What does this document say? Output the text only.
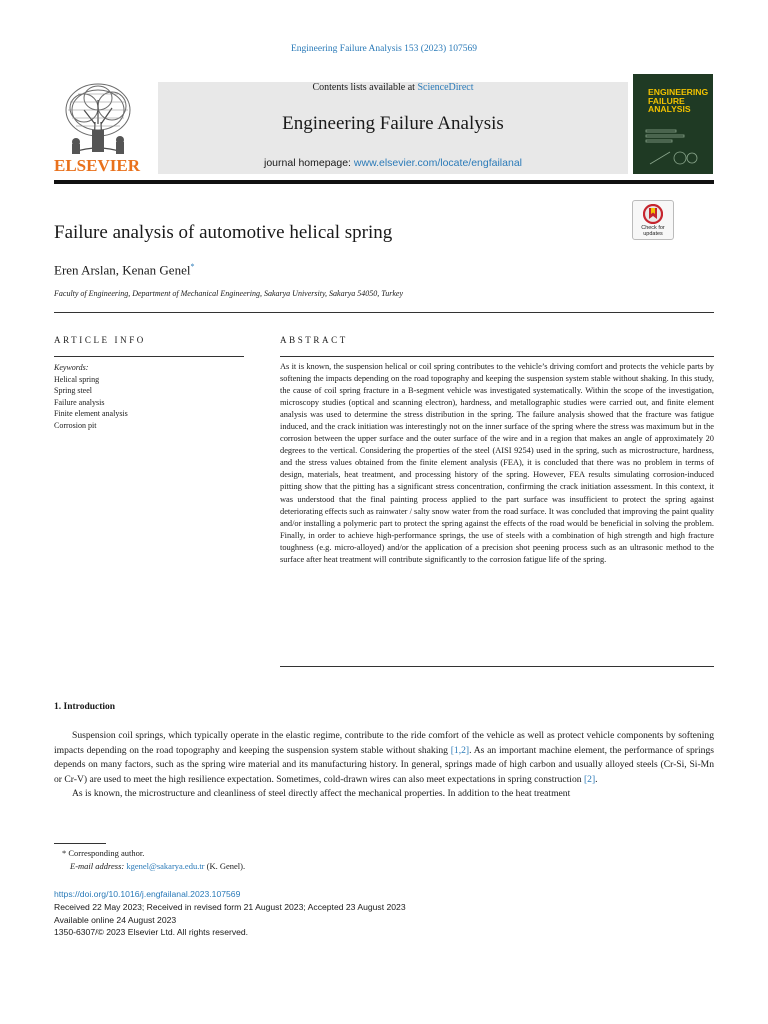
Engineering Failure Analysis 153 (2023) 107569
Contents lists available at ScienceDirect
Engineering Failure Analysis
journal homepage: www.elsevier.com/locate/engfailanal
ELSEVIER
ENGINEERING FAILURE ANALYSIS
Check for updates
Failure analysis of automotive helical spring
Eren Arslan, Kenan Genel*
Faculty of Engineering, Department of Mechanical Engineering, Sakarya University, Sakarya 54050, Turkey
ARTICLE INFO
Keywords:
Helical spring
Spring steel
Failure analysis
Finite element analysis
Corrosion pit
ABSTRACT
As it is known, the suspension helical or coil spring contributes to the vehicle’s driving comfort and protects the vehicle parts by softening the impacts depending on the road topography and keeping the suspension system stable without shaking. In this study, the cause of coil spring fracture in a B-segment vehicle was investigated systematically. Within the scope of the investigation, microscopy studies (optical and scanning electron), hardness, and metallographic studies were carried out, and finite element analysis was used to determine the stress distribution in the spring. The failure analysis showed that the fracture was fatigue induced, and the crack initiation was interestingly not on the inner surface of the spring where the stress was maximum but in the corrosion between the upper surface and the outer surface of the wire and in a region that makes an angle of approximately 20 degrees to the vertical. Considering the properties of the steel (AISI 9254) used in the spring, such as microstructure, hardness, and the stress values obtained from the finite element analysis (FEA), it is concluded that there was no problem in terms of design, materials, heat treatment, and processing history of the spring. However, FEA results simulating corrosion-induced pitting show that the pitting has a significant stress concentration, confirming the crack initiation assessment. In this context, it was understood that the final painting process applied to the part surface was insufficient to protect the spring against deteriorating effects such as rainwater / salty snow water from the road surface. It was concluded that improving the paint quality and/or installing a polymeric part to protect the spring against the effects of the road would be beneficial in solving the problem. Finally, in order to achieve high-performance springs, the use of steels with a combination of high strength and high fracture toughness (e.g. micro-alloyed) and/or the application of a precision shot peening process such as an ultrasonic method to the surface after heat treatment will contribute significantly to the corrosion fatigue life of the spring.
1. Introduction

Suspension coil springs, which typically operate in the elastic regime, contribute to the ride comfort of the vehicle as well as protect vehicle components by softening impacts depending on the road topography and keeping the suspension system stable without shaking [1,2]. As an important machine element, the performance of springs depends on many factors, such as the spring wire material and its manufacturing history. In general, springs made of high carbon and usually alloyed steels (Cr-Si, Si-Mn or Cr-V) are used to meet the high resilience expectation. Sometimes, cold-drawn wires can also meet expectations in spring construction [2].

As is known, the microstructure and cleanliness of steel directly affect the mechanical properties. In addition to the heat treatment

* Corresponding author.
E-mail address: kgenel@sakarya.edu.tr (K. Genel).
https://doi.org/10.1016/j.engfailanal.2023.107569
Received 22 May 2023; Received in revised form 21 August 2023; Accepted 23 August 2023
Available online 24 August 2023
1350-6307/© 2023 Elsevier Ltd. All rights reserved.
